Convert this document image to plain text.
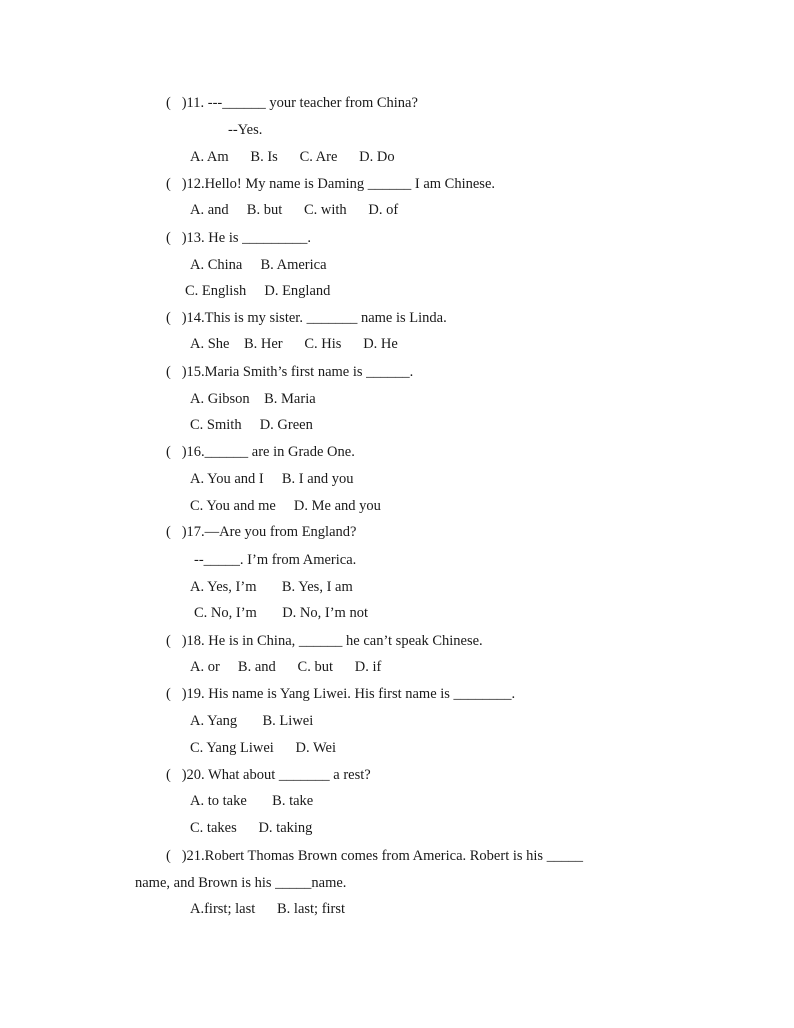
(   )11. ---______ your teacher from China?
--Yes.
A. Am      B. Is      C. Are      D. Do
(   )12.Hello! My name is Daming ______ I am Chinese.
A. and     B. but      C. with      D. of
(   )13. He is _________.
A. China     B. America
C. English     D. England
(   )14.This is my sister. _______ name is Linda.
A. She    B. Her      C. His      D. He
(   )15.Maria Smith’s first name is ______.
A. Gibson    B. Maria
C. Smith     D. Green
(   )16.______ are in Grade One.
A. You and I     B. I and you
C. You and me     D. Me and you
(   )17.—Are you from England?
--_____. I’m from America.
A. Yes, I’m       B. Yes, I am
C. No, I’m       D. No, I’m not
(   )18. He is in China, ______ he can’t speak Chinese.
A. or     B. and      C. but      D. if
(   )19. His name is Yang Liwei. His first name is ________.
A. Yang       B. Liwei
C. Yang Liwei      D. Wei
(   )20. What about _______ a rest?
A. to take       B. take
C. takes      D. taking
(   )21.Robert Thomas Brown comes from America. Robert is his _____
name, and Brown is his _____name.
A.first; last      B. last; first
